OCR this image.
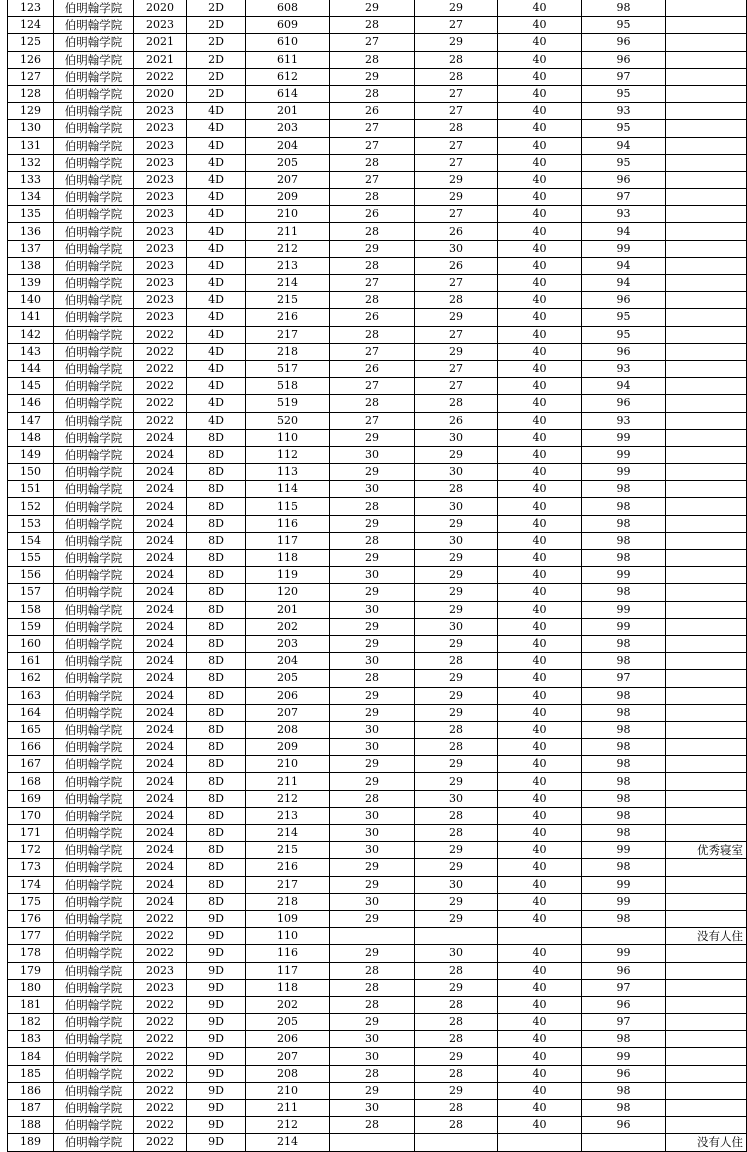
123	伯明翰学院	2020	2D	608	29	29	40	98	
124	伯明翰学院	2023	2D	609	28	27	40	95	
125	伯明翰学院	2021	2D	610	27	29	40	96	
126	伯明翰学院	2021	2D	611	28	28	40	96	
127	伯明翰学院	2022	2D	612	29	28	40	97	
128	伯明翰学院	2020	2D	614	28	27	40	95	
129	伯明翰学院	2023	4D	201	26	27	40	93	
130	伯明翰学院	2023	4D	203	27	28	40	95	
131	伯明翰学院	2023	4D	204	27	27	40	94	
132	伯明翰学院	2023	4D	205	28	27	40	95	
133	伯明翰学院	2023	4D	207	27	29	40	96	
134	伯明翰学院	2023	4D	209	28	29	40	97	
135	伯明翰学院	2023	4D	210	26	27	40	93	
136	伯明翰学院	2023	4D	211	28	26	40	94	
137	伯明翰学院	2023	4D	212	29	30	40	99	
138	伯明翰学院	2023	4D	213	28	26	40	94	
139	伯明翰学院	2023	4D	214	27	27	40	94	
140	伯明翰学院	2023	4D	215	28	28	40	96	
141	伯明翰学院	2023	4D	216	26	29	40	95	
142	伯明翰学院	2022	4D	217	28	27	40	95	
143	伯明翰学院	2022	4D	218	27	29	40	96	
144	伯明翰学院	2022	4D	517	26	27	40	93	
145	伯明翰学院	2022	4D	518	27	27	40	94	
146	伯明翰学院	2022	4D	519	28	28	40	96	
147	伯明翰学院	2022	4D	520	27	26	40	93	
148	伯明翰学院	2024	8D	110	29	30	40	99	
149	伯明翰学院	2024	8D	112	30	29	40	99	
150	伯明翰学院	2024	8D	113	29	30	40	99	
151	伯明翰学院	2024	8D	114	30	28	40	98	
152	伯明翰学院	2024	8D	115	28	30	40	98	
153	伯明翰学院	2024	8D	116	29	29	40	98	
154	伯明翰学院	2024	8D	117	28	30	40	98	
155	伯明翰学院	2024	8D	118	29	29	40	98	
156	伯明翰学院	2024	8D	119	30	29	40	99	
157	伯明翰学院	2024	8D	120	29	29	40	98	
158	伯明翰学院	2024	8D	201	30	29	40	99	
159	伯明翰学院	2024	8D	202	29	30	40	99	
160	伯明翰学院	2024	8D	203	29	29	40	98	
161	伯明翰学院	2024	8D	204	30	28	40	98	
162	伯明翰学院	2024	8D	205	28	29	40	97	
163	伯明翰学院	2024	8D	206	29	29	40	98	
164	伯明翰学院	2024	8D	207	29	29	40	98	
165	伯明翰学院	2024	8D	208	30	28	40	98	
166	伯明翰学院	2024	8D	209	30	28	40	98	
167	伯明翰学院	2024	8D	210	29	29	40	98	
168	伯明翰学院	2024	8D	211	29	29	40	98	
169	伯明翰学院	2024	8D	212	28	30	40	98	
170	伯明翰学院	2024	8D	213	30	28	40	98	
171	伯明翰学院	2024	8D	214	30	28	40	98	
172	伯明翰学院	2024	8D	215	30	29	40	99	优秀寝室
173	伯明翰学院	2024	8D	216	29	29	40	98	
174	伯明翰学院	2024	8D	217	29	30	40	99	
175	伯明翰学院	2024	8D	218	30	29	40	99	
176	伯明翰学院	2022	9D	109	29	29	40	98	
177	伯明翰学院	2022	9D	110					没有人住
178	伯明翰学院	2022	9D	116	29	30	40	99	
179	伯明翰学院	2023	9D	117	28	28	40	96	
180	伯明翰学院	2023	9D	118	28	29	40	97	
181	伯明翰学院	2022	9D	202	28	28	40	96	
182	伯明翰学院	2022	9D	205	29	28	40	97	
183	伯明翰学院	2022	9D	206	30	28	40	98	
184	伯明翰学院	2022	9D	207	30	29	40	99	
185	伯明翰学院	2022	9D	208	28	28	40	96	
186	伯明翰学院	2022	9D	210	29	29	40	98	
187	伯明翰学院	2022	9D	211	30	28	40	98	
188	伯明翰学院	2022	9D	212	28	28	40	96	
189	伯明翰学院	2022	9D	214					没有人住
